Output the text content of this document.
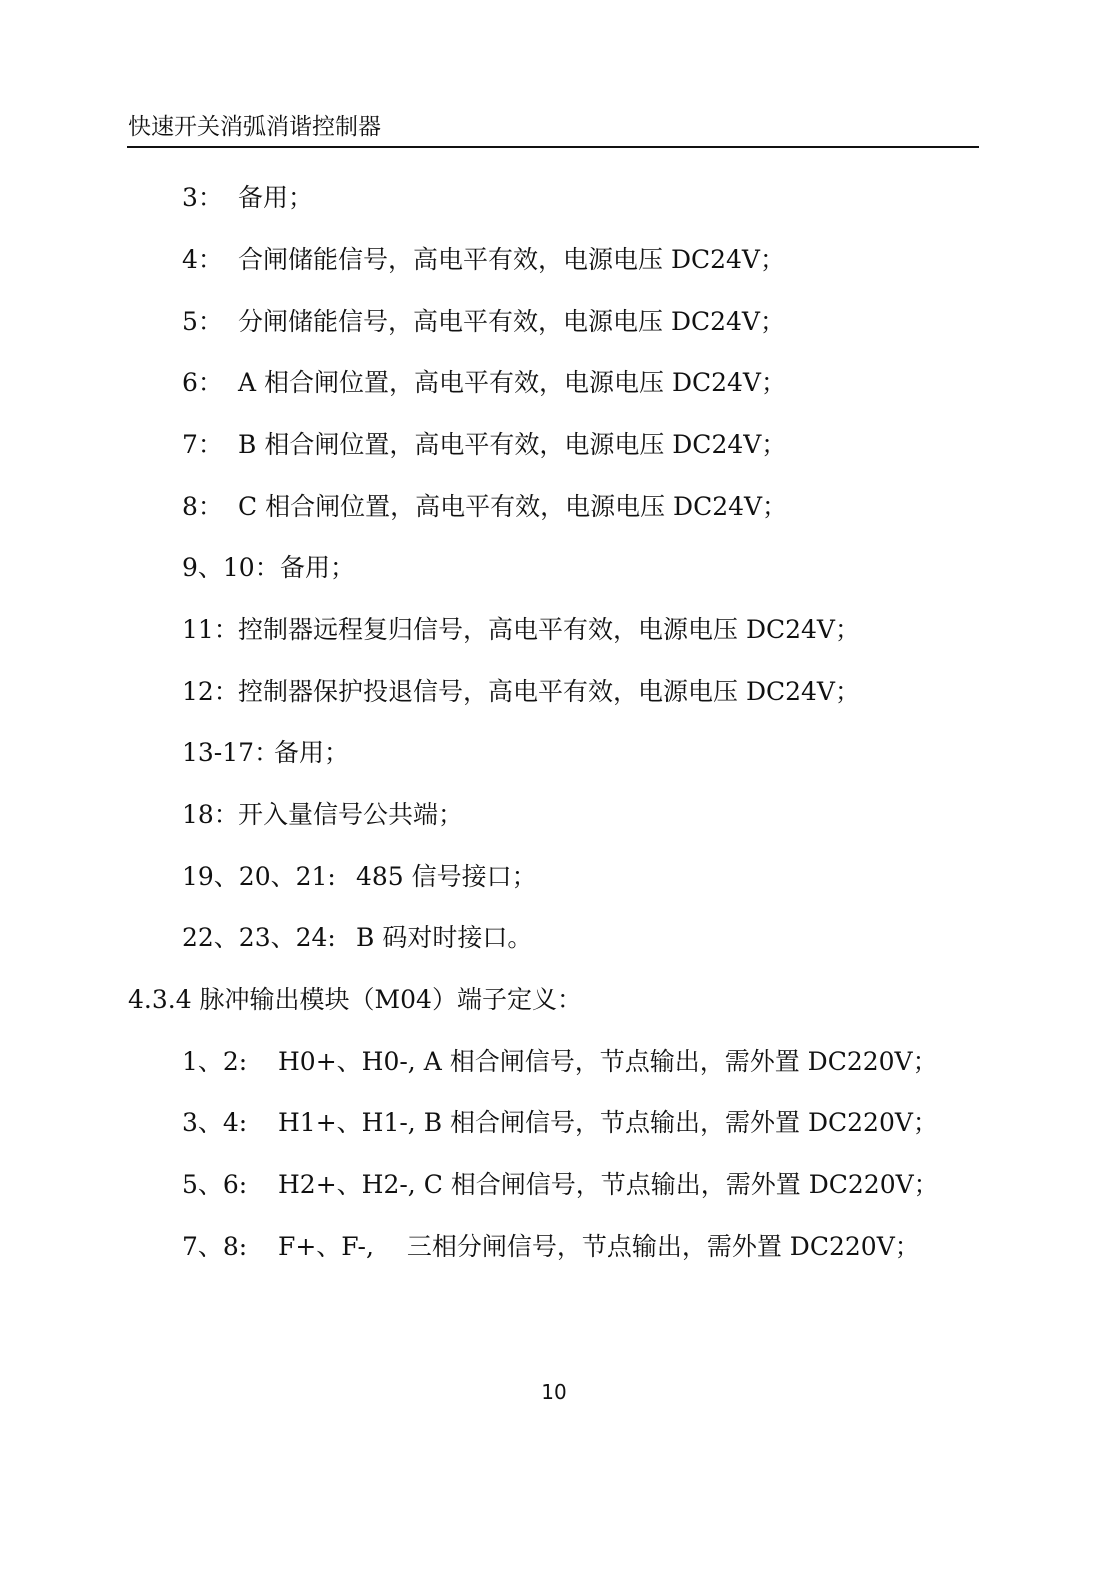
快速开关消弧消谐控制器
3： 备用；
4： 合闸储能信号，高电平有效，电源电压 DC24V；
5： 分闸储能信号，高电平有效，电源电压 DC24V；
6： A 相合闸位置，高电平有效，电源电压 DC24V；
7： B 相合闸位置，高电平有效，电源电压 DC24V；
8： C 相合闸位置，高电平有效，电源电压 DC24V；
9、10：备用；
11：控制器远程复归信号，高电平有效，电源电压 DC24V；
12：控制器保护投退信号，高电平有效，电源电压 DC24V；
13-17：备用；
18：开入量信号公共端；
19、20、21: 485 信号接口；
22、23、24: B 码对时接口。
4.3.4 脉冲输出模块（M04）端子定义：
1、2: H0+、H0-, A 相合闸信号，节点输出，需外置 DC220V；
3、4: H1+、H1-, B 相合闸信号，节点输出，需外置 DC220V；
5、6: H2+、H2-, C 相合闸信号，节点输出，需外置 DC220V；
7、8: F+、F-,　 三相分闸信号，节点输出，需外置 DC220V；
10
